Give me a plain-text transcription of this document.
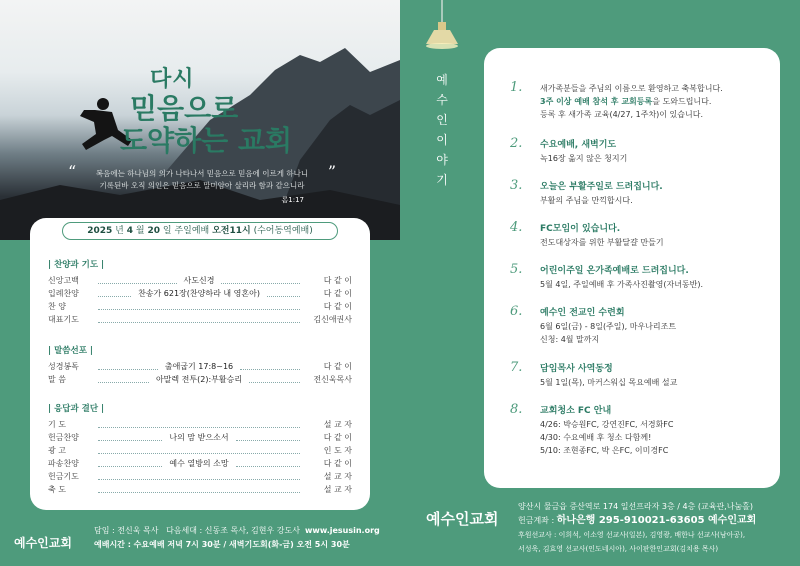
다시
믿음으로
도약하는 교회
“	”
복음에는 하나님의 의가 나타나서 믿음으로 믿음에 이르게 하나니
기록된바 오직 의인은 믿음으로 말미암아 살리라 함과 같으니라
롬1:17
2025 년 4 월 20 일 주일예배 오전11시 (수어동역예배)
| 찬양과 기도 |
신앙고백	사도신경	다 같 이
입례찬양	찬송가 621장(찬양하라 내 영혼아)	다 같 이
찬 양	다 같 이
대표기도	김신애권사
| 말씀선포 |
성경봉독	출애굽기 17:8~16	다 같 이
말 씀	아말렉 전투(2):부활승리	전신욱목사
| 응답과 결단 |
기 도	설 교 자
헌금찬양	나의 맘 받으소서	다 같 이
광 고	인 도 자
파송찬양	예수 열방의 소망	다 같 이
헌금기도	설 교 자
축 도	설 교 자
예수인교회
담임 : 전신욱 목사 다음세대 : 신동조 목사, 김현우 강도사 www.jesusin.org
예배시간 : 수요예배 저녁 7시 30분 / 새벽기도회(화-금) 오전 5시 30분
예
수
인
이
야
기
1. 새가족분들을 주님의 이름으로 환영하고 축복합니다.
3주 이상 예배 참석 후 교회등록을 도와드립니다.
등록 후 새가족 교육(4/27, 1주차)이 있습니다.
2. 수요예배, 새벽기도
녹16장 옮지 않은 청지기
3. 오늘은 부활주일로 드려집니다.
부활의 주님을 만끽합시다.
4. FC모임이 있습니다.
전도대상자를 위한 부활달걀 만들기
5. 어린이주일 온가족예배로 드려집니다.
5월 4일, 주일예배 후 가족사진촬영(자녀동반).
6. 예수인 전교인 수련회
6월 6일(금) - 8일(주일), 마우나리조트
신청: 4월 말까지
7. 담임목사 사역동정
5월 1일(목), 마커스워십 목요예배 설교
8. 교회청소 FC 안내
4/26: 박승원FC, 강연진FC, 서경화FC
4/30: 수요예배 후 청소 다함께!
5/10: 조현종FC, 박 은FC, 이미경FC
예수인교회
양산시 물금읍 증산역로 174 일선프라자 3층 / 4층 (교육관,나눔홀)
헌금계좌 : 하나은행 295-910021-63605 예수인교회
후원선교사 : 이희석, 이소영 선교사(일본), 김영광, 배한나 선교사(남아공),
서성욱, 김효영 선교사(인도네시아), 사이판한인교회(김치용 목사)
